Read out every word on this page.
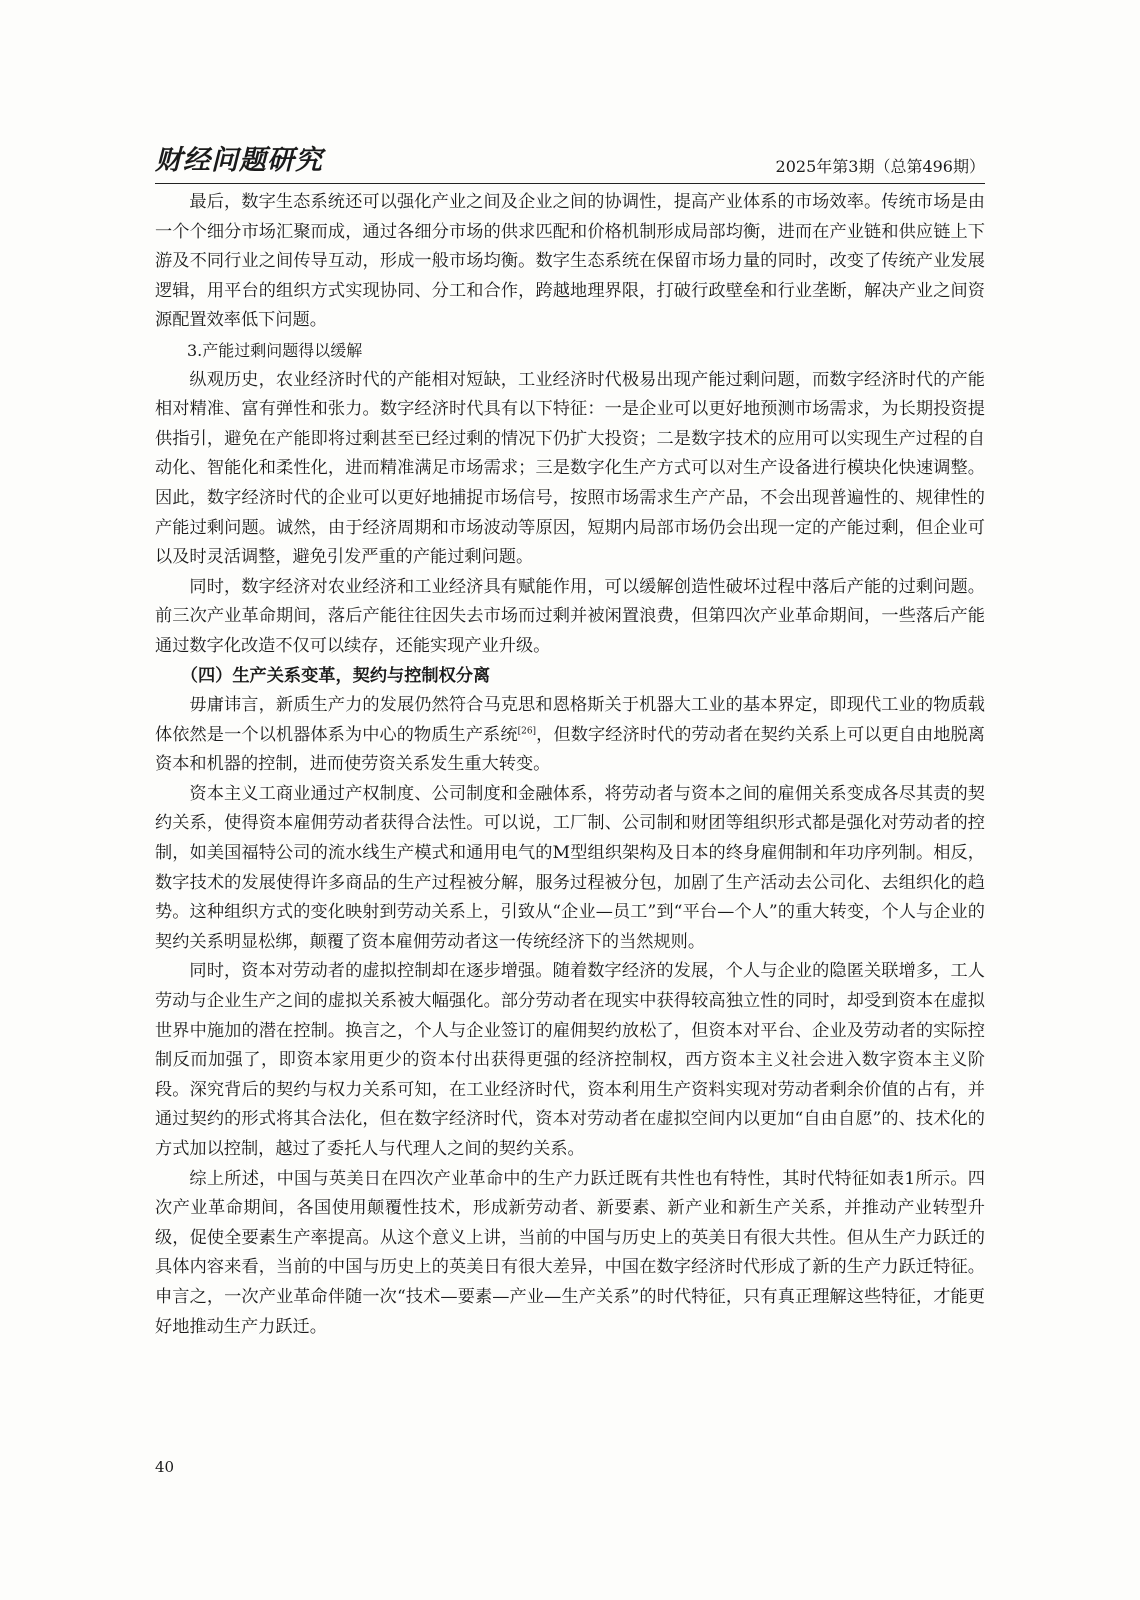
财经问题研究	2025年第3期（总第496期）

最后，数字生态系统还可以强化产业之间及企业之间的协调性，提高产业体系的市场效率。传统市场是由一个个细分市场汇聚而成，通过各细分市场的供求匹配和价格机制形成局部均衡，进而在产业链和供应链上下游及不同行业之间传导互动，形成一般市场均衡。数字生态系统在保留市场力量的同时，改变了传统产业发展逻辑，用平台的组织方式实现协同、分工和合作，跨越地理界限，打破行政壁垒和行业垄断，解决产业之间资源配置效率低下问题。

3.产能过剩问题得以缓解

纵观历史，农业经济时代的产能相对短缺，工业经济时代极易出现产能过剩问题，而数字经济时代的产能相对精准、富有弹性和张力。数字经济时代具有以下特征：一是企业可以更好地预测市场需求，为长期投资提供指引，避免在产能即将过剩甚至已经过剩的情况下仍扩大投资；二是数字技术的应用可以实现生产过程的自动化、智能化和柔性化，进而精准满足市场需求；三是数字化生产方式可以对生产设备进行模块化快速调整。因此，数字经济时代的企业可以更好地捕捉市场信号，按照市场需求生产产品，不会出现普遍性的、规律性的产能过剩问题。诚然，由于经济周期和市场波动等原因，短期内局部市场仍会出现一定的产能过剩，但企业可以及时灵活调整，避免引发严重的产能过剩问题。

同时，数字经济对农业经济和工业经济具有赋能作用，可以缓解创造性破坏过程中落后产能的过剩问题。前三次产业革命期间，落后产能往往因失去市场而过剩并被闲置浪费，但第四次产业革命期间，一些落后产能通过数字化改造不仅可以续存，还能实现产业升级。

（四）生产关系变革，契约与控制权分离

毋庸讳言，新质生产力的发展仍然符合马克思和恩格斯关于机器大工业的基本界定，即现代工业的物质载体依然是一个以机器体系为中心的物质生产系统[26]，但数字经济时代的劳动者在契约关系上可以更自由地脱离资本和机器的控制，进而使劳资关系发生重大转变。

资本主义工商业通过产权制度、公司制度和金融体系，将劳动者与资本之间的雇佣关系变成各尽其责的契约关系，使得资本雇佣劳动者获得合法性。可以说，工厂制、公司制和财团等组织形式都是强化对劳动者的控制，如美国福特公司的流水线生产模式和通用电气的M型组织架构及日本的终身雇佣制和年功序列制。相反，数字技术的发展使得许多商品的生产过程被分解，服务过程被分包，加剧了生产活动去公司化、去组织化的趋势。这种组织方式的变化映射到劳动关系上，引致从“企业—员工”到“平台—个人”的重大转变，个人与企业的契约关系明显松绑，颠覆了资本雇佣劳动者这一传统经济下的当然规则。

同时，资本对劳动者的虚拟控制却在逐步增强。随着数字经济的发展，个人与企业的隐匿关联增多，工人劳动与企业生产之间的虚拟关系被大幅强化。部分劳动者在现实中获得较高独立性的同时，却受到资本在虚拟世界中施加的潜在控制。换言之，个人与企业签订的雇佣契约放松了，但资本对平台、企业及劳动者的实际控制反而加强了，即资本家用更少的资本付出获得更强的经济控制权，西方资本主义社会进入数字资本主义阶段。深究背后的契约与权力关系可知，在工业经济时代，资本利用生产资料实现对劳动者剩余价值的占有，并通过契约的形式将其合法化，但在数字经济时代，资本对劳动者在虚拟空间内以更加“自由自愿”的、技术化的方式加以控制，越过了委托人与代理人之间的契约关系。

综上所述，中国与英美日在四次产业革命中的生产力跃迁既有共性也有特性，其时代特征如表1所示。四次产业革命期间，各国使用颠覆性技术，形成新劳动者、新要素、新产业和新生产关系，并推动产业转型升级，促使全要素生产率提高。从这个意义上讲，当前的中国与历史上的英美日有很大共性。但从生产力跃迁的具体内容来看，当前的中国与历史上的英美日有很大差异，中国在数字经济时代形成了新的生产力跃迁特征。申言之，一次产业革命伴随一次“技术—要素—产业—生产关系”的时代特征，只有真正理解这些特征，才能更好地推动生产力跃迁。

40
